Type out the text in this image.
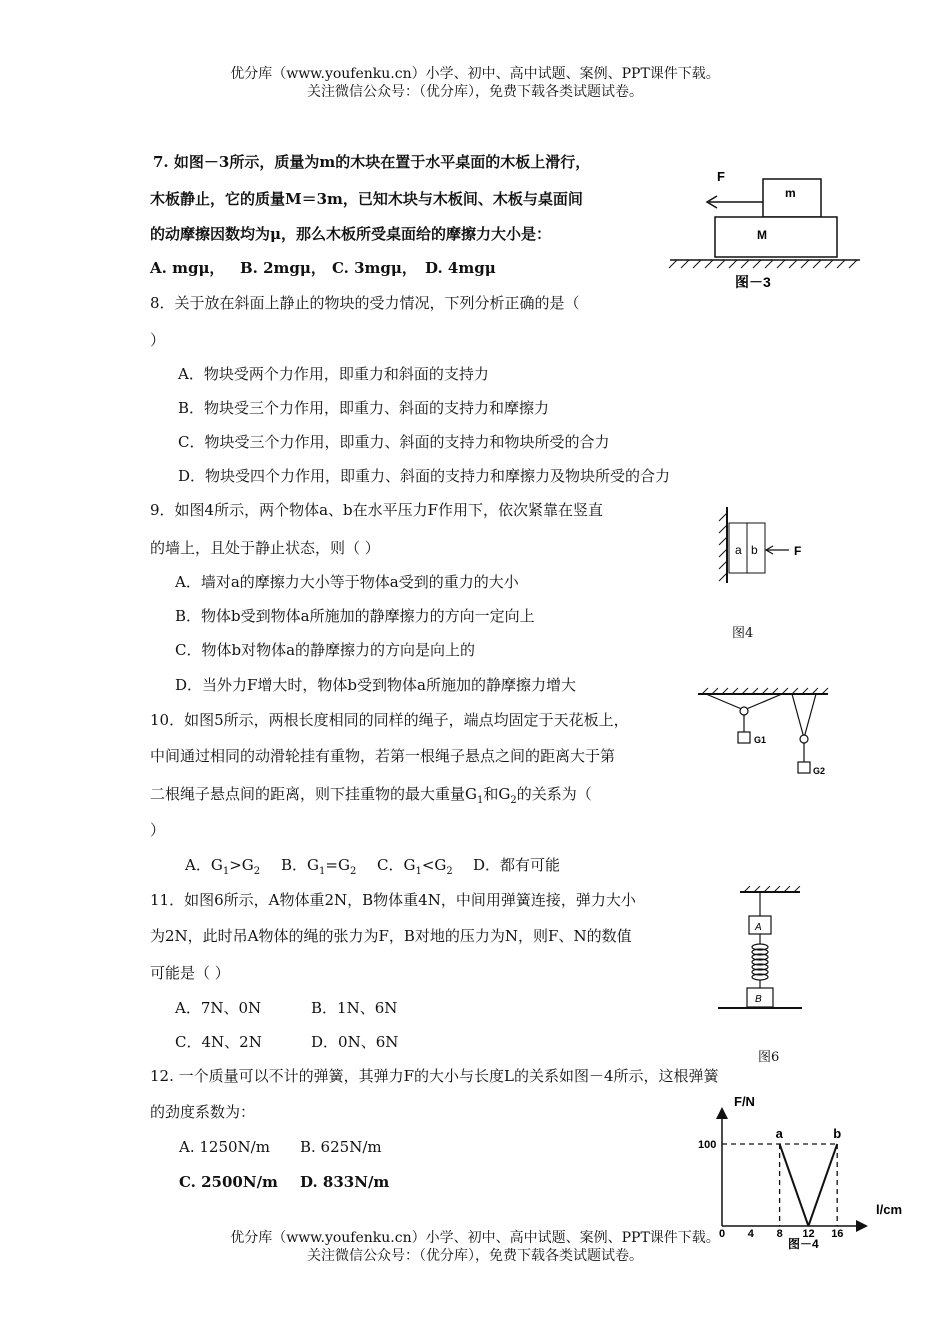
优分库（www.youfenku.cn）小学、初中、高中试题、案例、PPT课件下载。
关注微信公众号：（优分库），免费下载各类试题试卷。
7. 如图－3所示，质量为m的木块在置于水平桌面的木板上滑行，
木板静止，它的质量M＝3m，已知木块与木板间、木板与桌面间
的动摩擦因数均为μ，那么木板所受桌面给的摩擦力大小是：
A. mgμ， B. 2mgμ， C. 3mgμ， D. 4mgμ
F
m
M
图－3
8．关于放在斜面上静止的物块的受力情况，下列分析正确的是（
）
A．物块受两个力作用，即重力和斜面的支持力
B．物块受三个力作用，即重力、斜面的支持力和摩擦力
C．物块受三个力作用，即重力、斜面的支持力和物块所受的合力
D．物块受四个力作用，即重力、斜面的支持力和摩擦力及物块所受的合力
9．如图4所示，两个物体a、b在水平压力F作用下，依次紧靠在竖直
的墙上，且处于静止状态，则（ ）
A．墙对a的摩擦力大小等于物体a受到的重力的大小
B．物体b受到物体a所施加的静摩擦力的方向一定向上
C．物体b对物体a的静摩擦力的方向是向上的
D．当外力F增大时，物体b受到物体a所施加的静摩擦力增大
a b	F
图4
10．如图5所示，两根长度相同的同样的绳子，端点均固定于天花板上，
中间通过相同的动滑轮挂有重物，若第一根绳子悬点之间的距离大于第
二根绳子悬点间的距离，则下挂重物的最大重量$G_1$和$G_2$的关系为（
）
A．$G_1>G_2$ B．$G_1=G_2$ C．$G_1<G_2$ D．都有可能
G1
G2
11．如图6所示，A物体重2N，B物体重4N，中间用弹簧连接，弹力大小
为2N，此时吊A物体的绳的张力为F，B对地的压力为N，则F、N的数值
可能是（ ）
A．7N、0N	B．1N、6N
C．4N、2N	D．0N、6N
A
B
图6
12. 一个质量可以不计的弹簧，其弹力F的大小与长度L的关系如图－4所示，这根弹簧
的劲度系数为：
A. 1250N/m B. 625N/m
C. 2500N/m D. 833N/m
F/N
l/cm
0 4 8 12 16
100
a	b
图－4
优分库（www.youfenku.cn）小学、初中、高中试题、案例、PPT课件下载。
关注微信公众号：（优分库），免费下载各类试题试卷。
